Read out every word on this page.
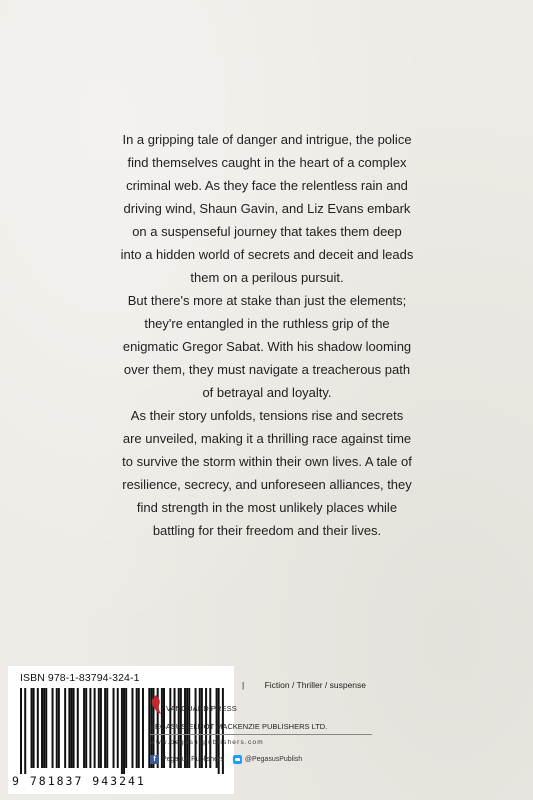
In a gripping tale of danger and intrigue, the police find themselves caught in the heart of a complex criminal web. As they face the relentless rain and driving wind, Shaun Gavin, and Liz Evans embark on a suspenseful journey that takes them deep into a hidden world of secrets and deceit and leads them on a perilous pursuit.

But there's more at stake than just the elements; they're entangled in the ruthless grip of the enigmatic Gregor Sabat. With his shadow looming over them, they must navigate a treacherous path of betrayal and loyalty.

As their story unfolds, tensions rise and secrets are unveiled, making it a thrilling race against time to survive the storm within their own lives. A tale of resilience, secrecy, and unforeseen alliances, they find strength in the most unlikely places while battling for their freedom and their lives.

ISBN 978-1-83794-324-1
9 781837 943241
| Fiction / Thriller / suspense
VANGUARD PRESS
PEGASUS ELLIOT MACKENZIE PUBLISHERS LTD.
www.pegasuspublishers.com
f Pegasus Publishers	@PegasusPublish
